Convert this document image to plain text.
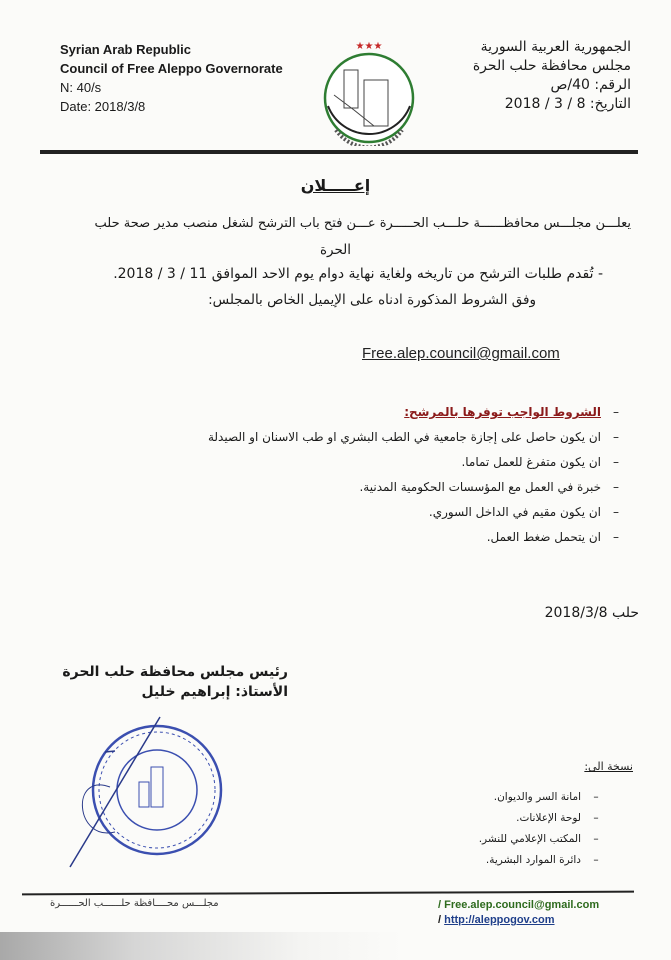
Syrian Arab Republic
Council of Free Aleppo Governorate
N: 40/s
Date: 2018/3/8
★★★	الجمهورية العربية السورية
مجلس محافظة حلب الحرة
الرقم: 40/ص
التاريخ: 8 / 3 / 2018
إعـــــلان
يعلـــن مجلـــس محافظــــــة حلـــب الحـــــرة عـــن فتح باب الترشح لشغل منصب مدير صحة حلب
الحرة
- تُقدم طلبات الترشح من تاريخه ولغاية نهاية دوام يوم الاحد الموافق 11 / 3 / 2018.
وفق الشروط المذكورة ادناه على الإيميل الخاص بالمجلس:
Free.alep.council@gmail.com
–الشروط الواجب توفرها بالمرشح:
–ان يكون حاصل على إجازة جامعية في الطب البشري او طب الاسنان او الصيدلة
–ان يكون متفرغ للعمل تماما.
–خبرة في العمل مع المؤسسات الحكومية المدنية.
–ان يكون مقيم في الداخل السوري.
–ان يتحمل ضغط العمل.
حلب 2018/3/8
رئيس مجلس محافظة حلب الحرة
الأستاذ: إبراهيم خليل
نسخة الى:
–امانة السر والديوان.
–لوحة الإعلانات.
–المكتب الإعلامي للنشر.
–دائرة الموارد البشرية.
مجلـــس محــــافظة حلــــــب الحــــــرة	/ Free.alep.council@gmail.com
/ http://aleppogov.com
